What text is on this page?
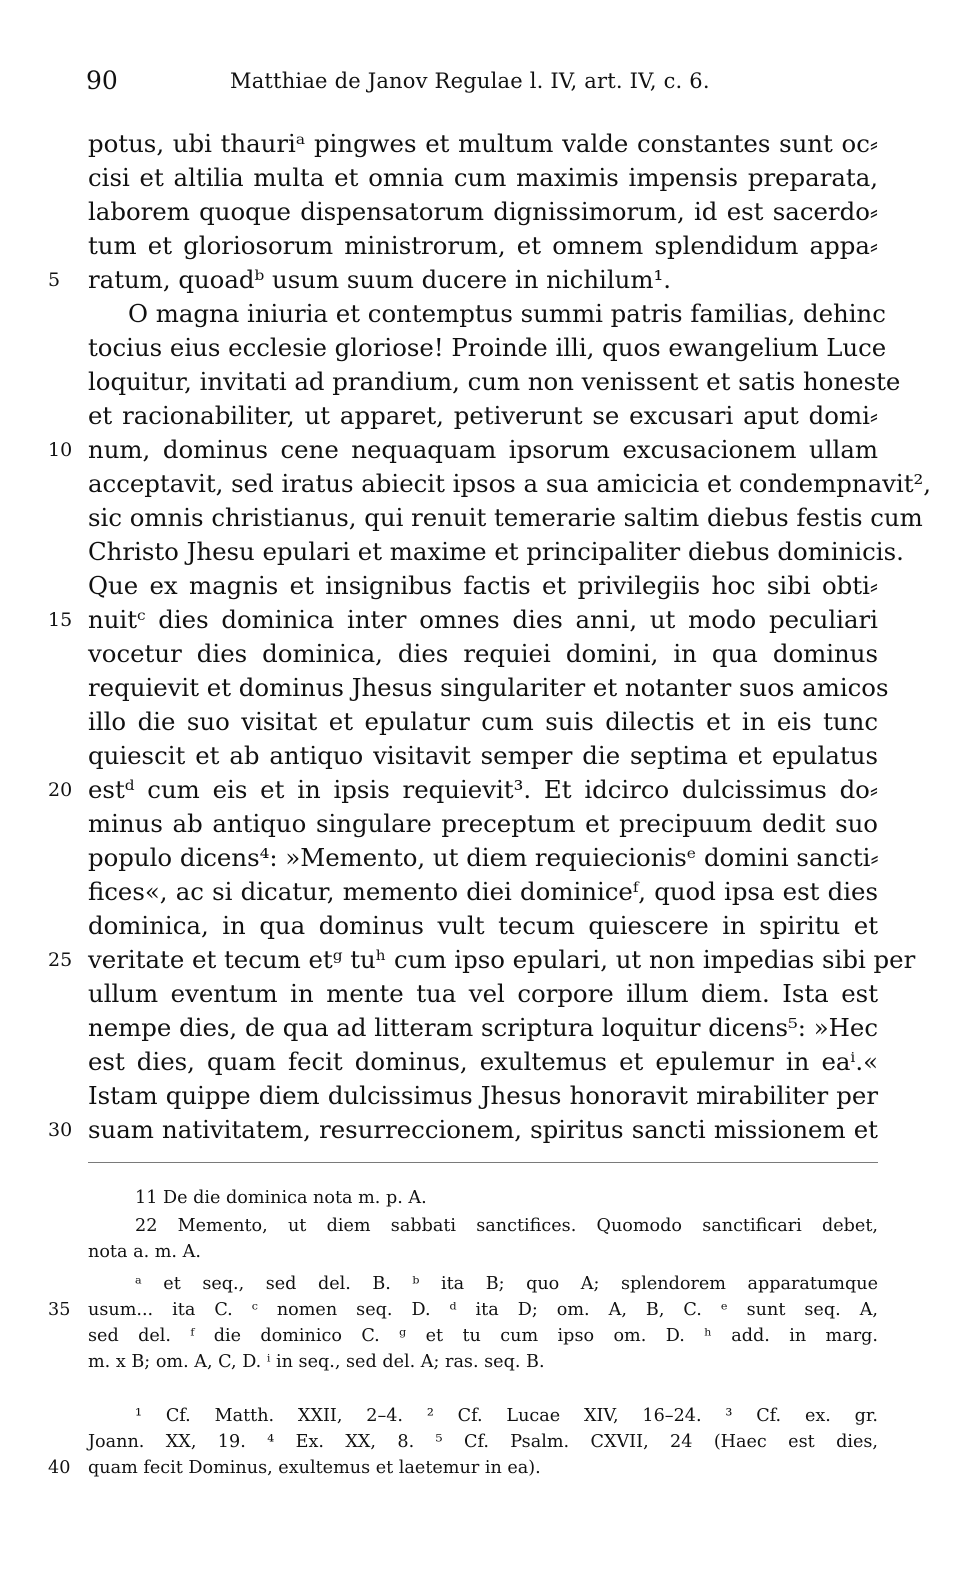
90	Matthiae de Janov Regulae l. IV, art. IV, c. 6.
potus, ubi thauriᵃ pingwes et multum valde constantes sunt oc⸗
cisi et altilia multa et omnia cum maximis impensis preparata,
laborem quoque dispensatorum dignissimorum, id est sacerdo⸗
tum et gloriosorum ministrorum, et omnem splendidum appa⸗
5	ratum, quoadᵇ usum suum ducere in nichilum¹.
O magna iniuria et contemptus summi patris familias, dehinc
tocius eius ecclesie gloriose! Proinde illi, quos ewangelium Luce
loquitur, invitati ad prandium, cum non venissent et satis honeste
et racionabiliter, ut apparet, petiverunt se excusari aput domi⸗
10 num, dominus cene nequaquam ipsorum excusacionem ullam
acceptavit, sed iratus abiecit ipsos a sua amicicia et condempnavit²,
sic omnis christianus, qui renuit temerarie saltim diebus festis cum
Christo Jhesu epulari et maxime et principaliter diebus dominicis.
Que ex magnis et insignibus factis et privilegiis hoc sibi obti⸗
15 nuitᶜ dies dominica inter omnes dies anni, ut modo peculiari
vocetur dies dominica, dies requiei domini, in qua dominus
requievit et dominus Jhesus singulariter et notanter suos amicos
illo die suo visitat et epulatur cum suis dilectis et in eis tunc
quiescit et ab antiquo visitavit semper die septima et epulatus
20 estᵈ cum eis et in ipsis requievit³. Et idcirco dulcissimus do⸗
minus ab antiquo singulare preceptum et precipuum dedit suo
populo dicens⁴: »Memento, ut diem requiecionisᵉ domini sancti⸗
fices«, ac si dicatur, memento diei dominiceᶠ, quod ipsa est dies
dominica, in qua dominus vult tecum quiescere in spiritu et
25 veritate et tecum etᵍ tuʰ cum ipso epulari, ut non impedias sibi per
ullum eventum in mente tua vel corpore illum diem. Ista est
nempe dies, de qua ad litteram scriptura loquitur dicens⁵: »Hec
est dies, quam fecit dominus, exultemus et epulemur in eaⁱ.«
Istam quippe diem dulcissimus Jhesus honoravit mirabiliter per
30 suam nativitatem, resurreccionem, spiritus sancti missionem et
11 De die dominica nota m. p. A.
22 Memento, ut diem sabbati sanctifices. Quomodo sanctificari debet,
nota a. m. A.
ᵃ et seq., sed del. B. ᵇ ita B; quo A; splendorem apparatumque
35 usum... ita C. ᶜ nomen seq. D. ᵈ ita D; om. A, B, C. ᵉ sunt seq. A,
sed del. ᶠ die dominico C. ᵍ et tu cum ipso om. D. ʰ add. in marg.
m. x B; om. A, C, D. ⁱ in seq., sed del. A; ras. seq. B.
¹ Cf. Matth. XXII, 2–4. ² Cf. Lucae XIV, 16–24. ³ Cf. ex. gr.
Joann. XX, 19. ⁴ Ex. XX, 8. ⁵ Cf. Psalm. CXVII, 24 (Haec est dies,
40 quam fecit Dominus, exultemus et laetemur in ea).
